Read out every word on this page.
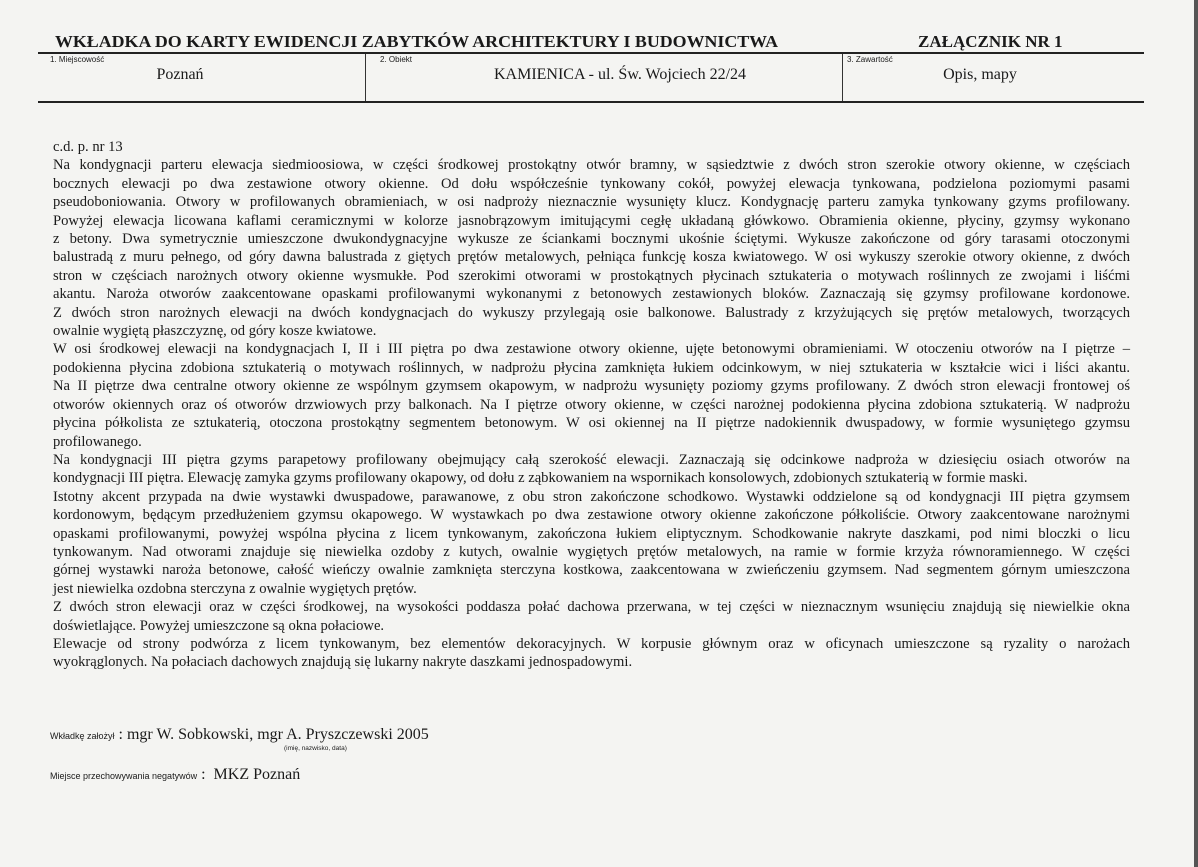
WKŁADKA DO KARTY EWIDENCJI ZABYTKÓW ARCHITEKTURY I BUDOWNICTWA	ZAŁĄCZNIK NR 1
1. Miejscowość
Poznań
2. Obiekt
KAMIENICA - ul. Św. Wojciech 22/24
3. Zawartość
Opis, mapy
c.d. p. nr 13
Na kondygnacji parteru elewacja siedmioosiowa, w części środkowej prostokątny otwór bramny, w sąsiedztwie z dwóch stron szerokie otwory okienne, w częściach
bocznych elewacji po dwa zestawione otwory okienne. Od dołu współcześnie tynkowany cokół, powyżej elewacja tynkowana, podzielona poziomymi pasami
pseudoboniowania. Otwory w profilowanych obramieniach, w osi nadproży nieznacznie wysunięty klucz. Kondygnację parteru zamyka tynkowany gzyms profilowany.
Powyżej elewacja licowana kaflami ceramicznymi w kolorze jasnobrązowym imitującymi cegłę układaną główkowo. Obramienia okienne, płyciny, gzymsy wykonano
z betony. Dwa symetrycznie umieszczone dwukondygnacyjne wykusze ze ściankami bocznymi ukośnie ściętymi. Wykusze zakończone od góry tarasami otoczonymi
balustradą z muru pełnego, od góry dawna balustrada z giętych prętów metalowych, pełniąca funkcję kosza kwiatowego. W osi wykuszy szerokie otwory okienne, z dwóch
stron w częściach narożnych otwory okienne wysmukłe. Pod szerokimi otworami w prostokątnych płycinach sztukateria o motywach roślinnych ze zwojami i liśćmi
akantu. Naroża otworów zaakcentowane opaskami profilowanymi wykonanymi z betonowych zestawionych bloków. Zaznaczają się gzymsy profilowane kordonowe.
Z dwóch stron narożnych elewacji na dwóch kondygnacjach do wykuszy przylegają osie balkonowe. Balustrady z krzyżujących się prętów metalowych, tworzących
owalnie wygiętą płaszczyznę, od góry kosze kwiatowe.
W osi środkowej elewacji na kondygnacjach I, II i III piętra po dwa zestawione otwory okienne, ujęte betonowymi obramieniami. W otoczeniu otworów na I piętrze –
podokienna płycina zdobiona sztukaterią o motywach roślinnych, w nadprożu płycina zamknięta łukiem odcinkowym, w niej sztukateria w kształcie wici i liści akantu.
Na II piętrze dwa centralne otwory okienne ze wspólnym gzymsem okapowym, w nadprożu wysunięty poziomy gzyms profilowany. Z dwóch stron elewacji frontowej oś
otworów okiennych oraz oś otworów drzwiowych przy balkonach. Na I piętrze otwory okienne, w części narożnej podokienna płycina zdobiona sztukaterią. W nadprożu
płycina półkolista ze sztukaterią, otoczona prostokątny segmentem betonowym. W osi okiennej na II piętrze nadokiennik dwuspadowy, w formie wysuniętego gzymsu
profilowanego.
Na kondygnacji III piętra gzyms parapetowy profilowany obejmujący całą szerokość elewacji. Zaznaczają się odcinkowe nadproża w dziesięciu osiach otworów na
kondygnacji III piętra. Elewację zamyka gzyms profilowany okapowy, od dołu z ząbkowaniem na wspornikach konsolowych, zdobionych sztukaterią w formie maski.
Istotny akcent przypada na dwie wystawki dwuspadowe, parawanowe, z obu stron zakończone schodkowo. Wystawki oddzielone są od kondygnacji III piętra gzymsem
kordonowym, będącym przedłużeniem gzymsu okapowego. W wystawkach po dwa zestawione otwory okienne zakończone półkoliście. Otwory zaakcentowane narożnymi
opaskami profilowanymi, powyżej wspólna płycina z licem tynkowanym, zakończona łukiem eliptycznym. Schodkowanie nakryte daszkami, pod nimi bloczki o licu
tynkowanym. Nad otworami znajduje się niewielka ozdoby z kutych, owalnie wygiętych prętów metalowych, na ramie w formie krzyża równoramiennego. W części
górnej wystawki naroża betonowe, całość wieńczy owalnie zamknięta sterczyna kostkowa, zaakcentowana w zwieńczeniu gzymsem. Nad segmentem górnym umieszczona
jest niewielka ozdobna sterczyna z owalnie wygiętych prętów.
Z dwóch stron elewacji oraz w części środkowej, na wysokości poddasza połać dachowa przerwana, w tej części w nieznacznym wsunięciu znajdują się niewielkie okna
doświetlające. Powyżej umieszczone są okna połaciowe.
Elewacje od strony podwórza z licem tynkowanym, bez elementów dekoracyjnych. W korpusie głównym oraz w oficynach umieszczone są ryzality o narożach
wyokrąglonych. Na połaciach dachowych znajdują się lukarny nakryte daszkami jednospadowymi.
Wkładkę założył : mgr W. Sobkowski, mgr A. Pryszczewski 2005
(imię, nazwisko, data)
Miejsce przechowywania negatywów :  MKZ Poznań
